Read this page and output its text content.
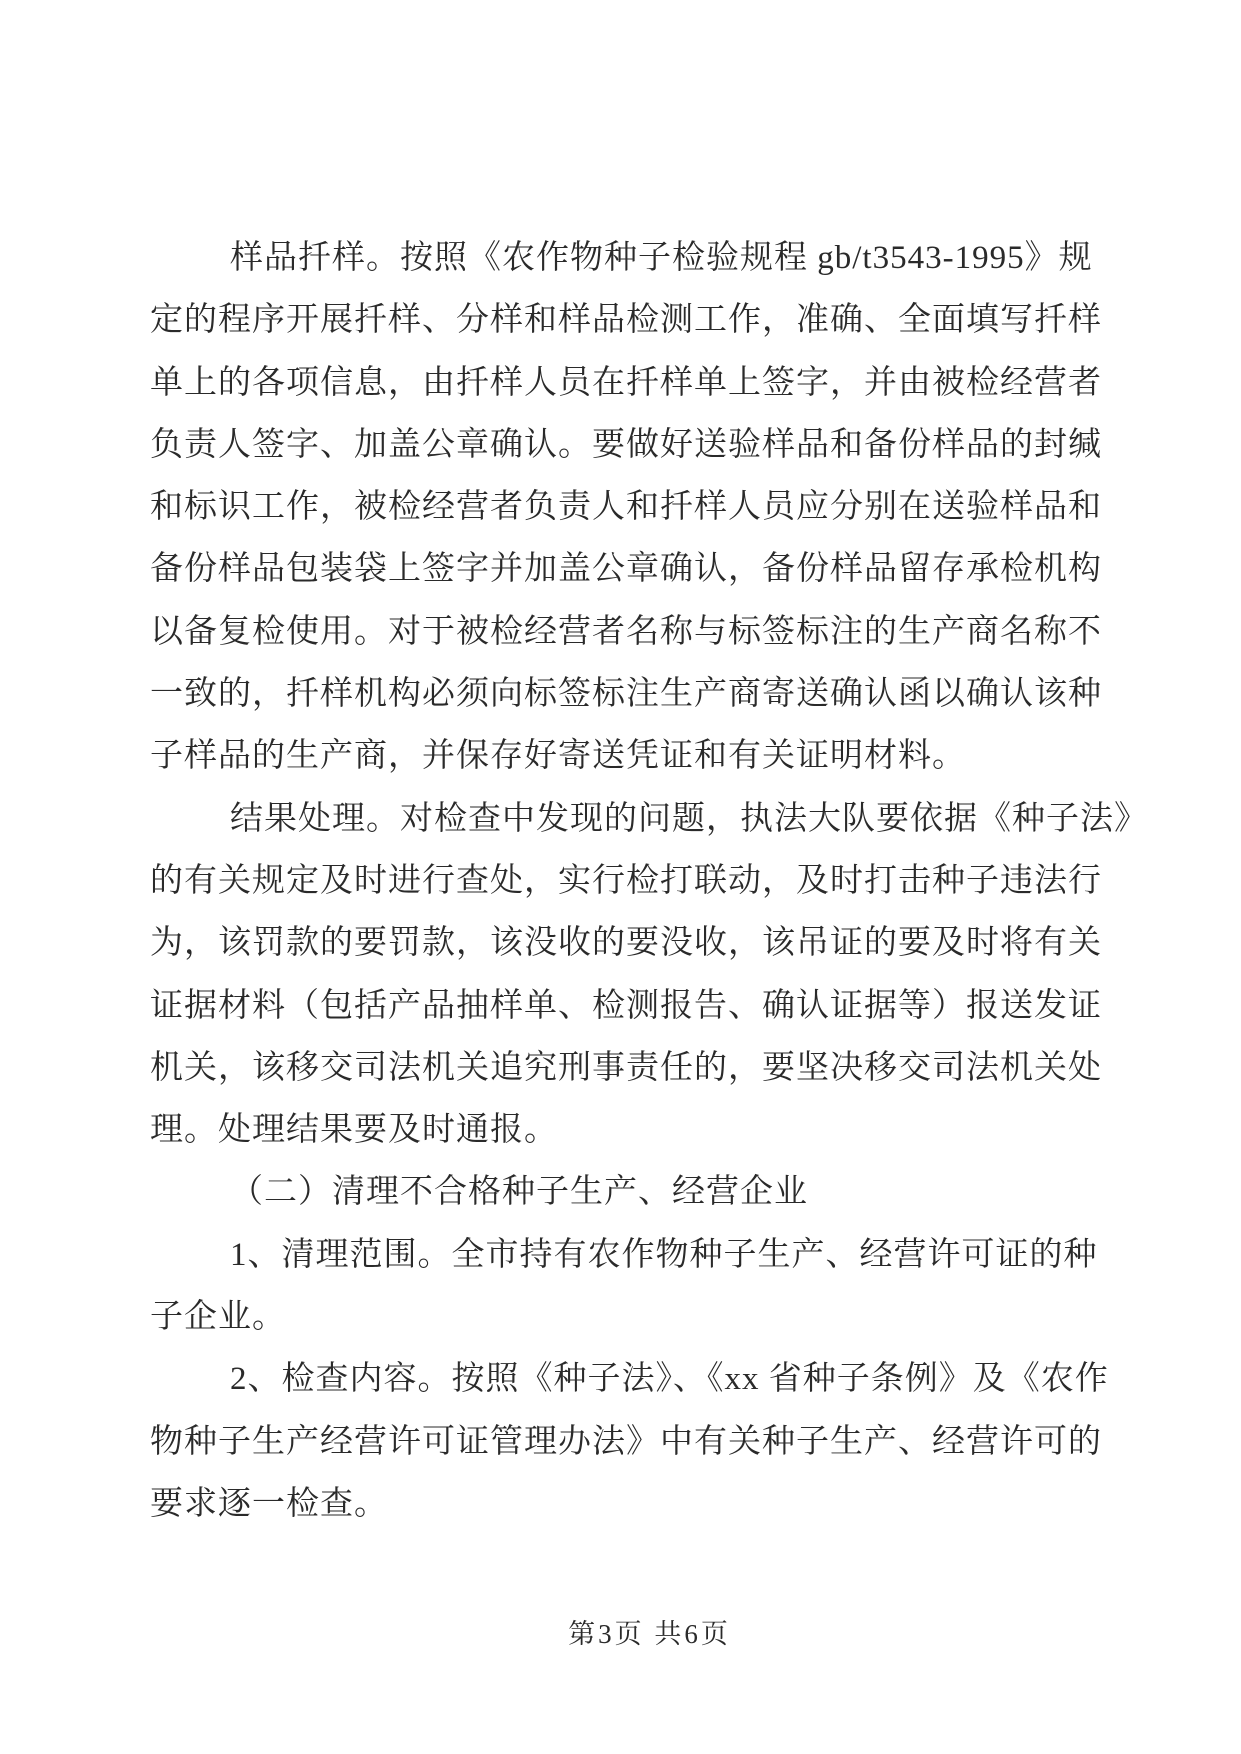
样品扦样。按照《农作物种子检验规程 gb/t3543-1995》规
定的程序开展扦样、分样和样品检测工作，准确、全面填写扦样
单上的各项信息，由扦样人员在扦样单上签字，并由被检经营者
负责人签字、加盖公章确认。要做好送验样品和备份样品的封缄
和标识工作，被检经营者负责人和扦样人员应分别在送验样品和
备份样品包装袋上签字并加盖公章确认，备份样品留存承检机构
以备复检使用。对于被检经营者名称与标签标注的生产商名称不
一致的，扦样机构必须向标签标注生产商寄送确认函以确认该种
子样品的生产商，并保存好寄送凭证和有关证明材料。
结果处理。对检查中发现的问题，执法大队要依据《种子法》
的有关规定及时进行查处，实行检打联动，及时打击种子违法行
为，该罚款的要罚款，该没收的要没收，该吊证的要及时将有关
证据材料（包括产品抽样单、检测报告、确认证据等）报送发证
机关，该移交司法机关追究刑事责任的，要坚决移交司法机关处
理。处理结果要及时通报。
（二）清理不合格种子生产、经营企业
1、清理范围。全市持有农作物种子生产、经营许可证的种
子企业。
2、检查内容。按照《种子法》、《xx 省种子条例》及《农作
物种子生产经营许可证管理办法》中有关种子生产、经营许可的
要求逐一检查。
第3页 共6页
